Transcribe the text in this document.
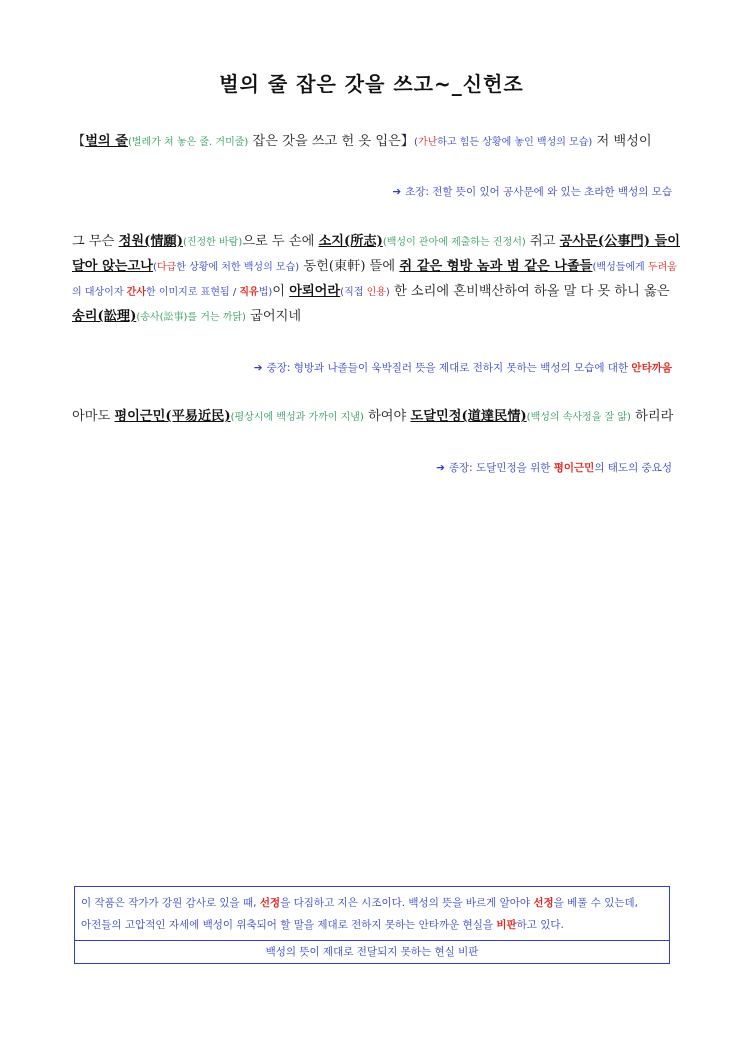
벌의 줄 잡은 갓을 쓰고~_신헌조
【벌의 줄(벌레가 쳐 놓은 줄. 거미줄) 잡은 갓을 쓰고 헌 옷 입은】(가난하고 힘든 상황에 놓인 백성의 모습) 저 백성이
➔ 초장: 전할 뜻이 있어 공사문에 와 있는 초라한 백성의 모습
그 무슨 정원(情願)(진정한 바람)으로 두 손에 소지(所志)(백성이 관아에 제출하는 진정서) 쥐고 공사문(公事門) 들이
달아 앉는고나(다급한 상황에 처한 백성의 모습) 동헌(東軒) 뜰에 쥐 같은 형방 놈과 범 같은 나졸들(백성들에게 두려움
의 대상이자 간사한 이미지로 표현됨 / 직유법)이 아뢰어라(직접 인용) 한 소리에 혼비백산하여 하올 말 다 못 하니 옳은
송리(訟理)(송사(訟事)를 거는 까닭) 굽어지네
➔ 중장: 형방과 나졸들이 욱박질러 뜻을 제대로 전하지 못하는 백성의 모습에 대한 안타까움
아마도 평이근민(平易近民)(평상시에 백성과 가까이 지냄) 하여야 도달민정(道達民情)(백성의 속사정을 잘 앎) 하리라
➔ 종장: 도달민정을 위한 평이근민의 태도의 중요성
이 작품은 작가가 강원 감사로 있을 때, 선정을 다짐하고 지은 시조이다. 백성의 뜻을 바르게 알아야 선정을 베풀 수 있는데,
아전들의 고압적인 자세에 백성이 위축되어 할 말을 제대로 전하지 못하는 안타까운 현실을 비판하고 있다.
백성의 뜻이 제대로 전달되지 못하는 현실 비판
